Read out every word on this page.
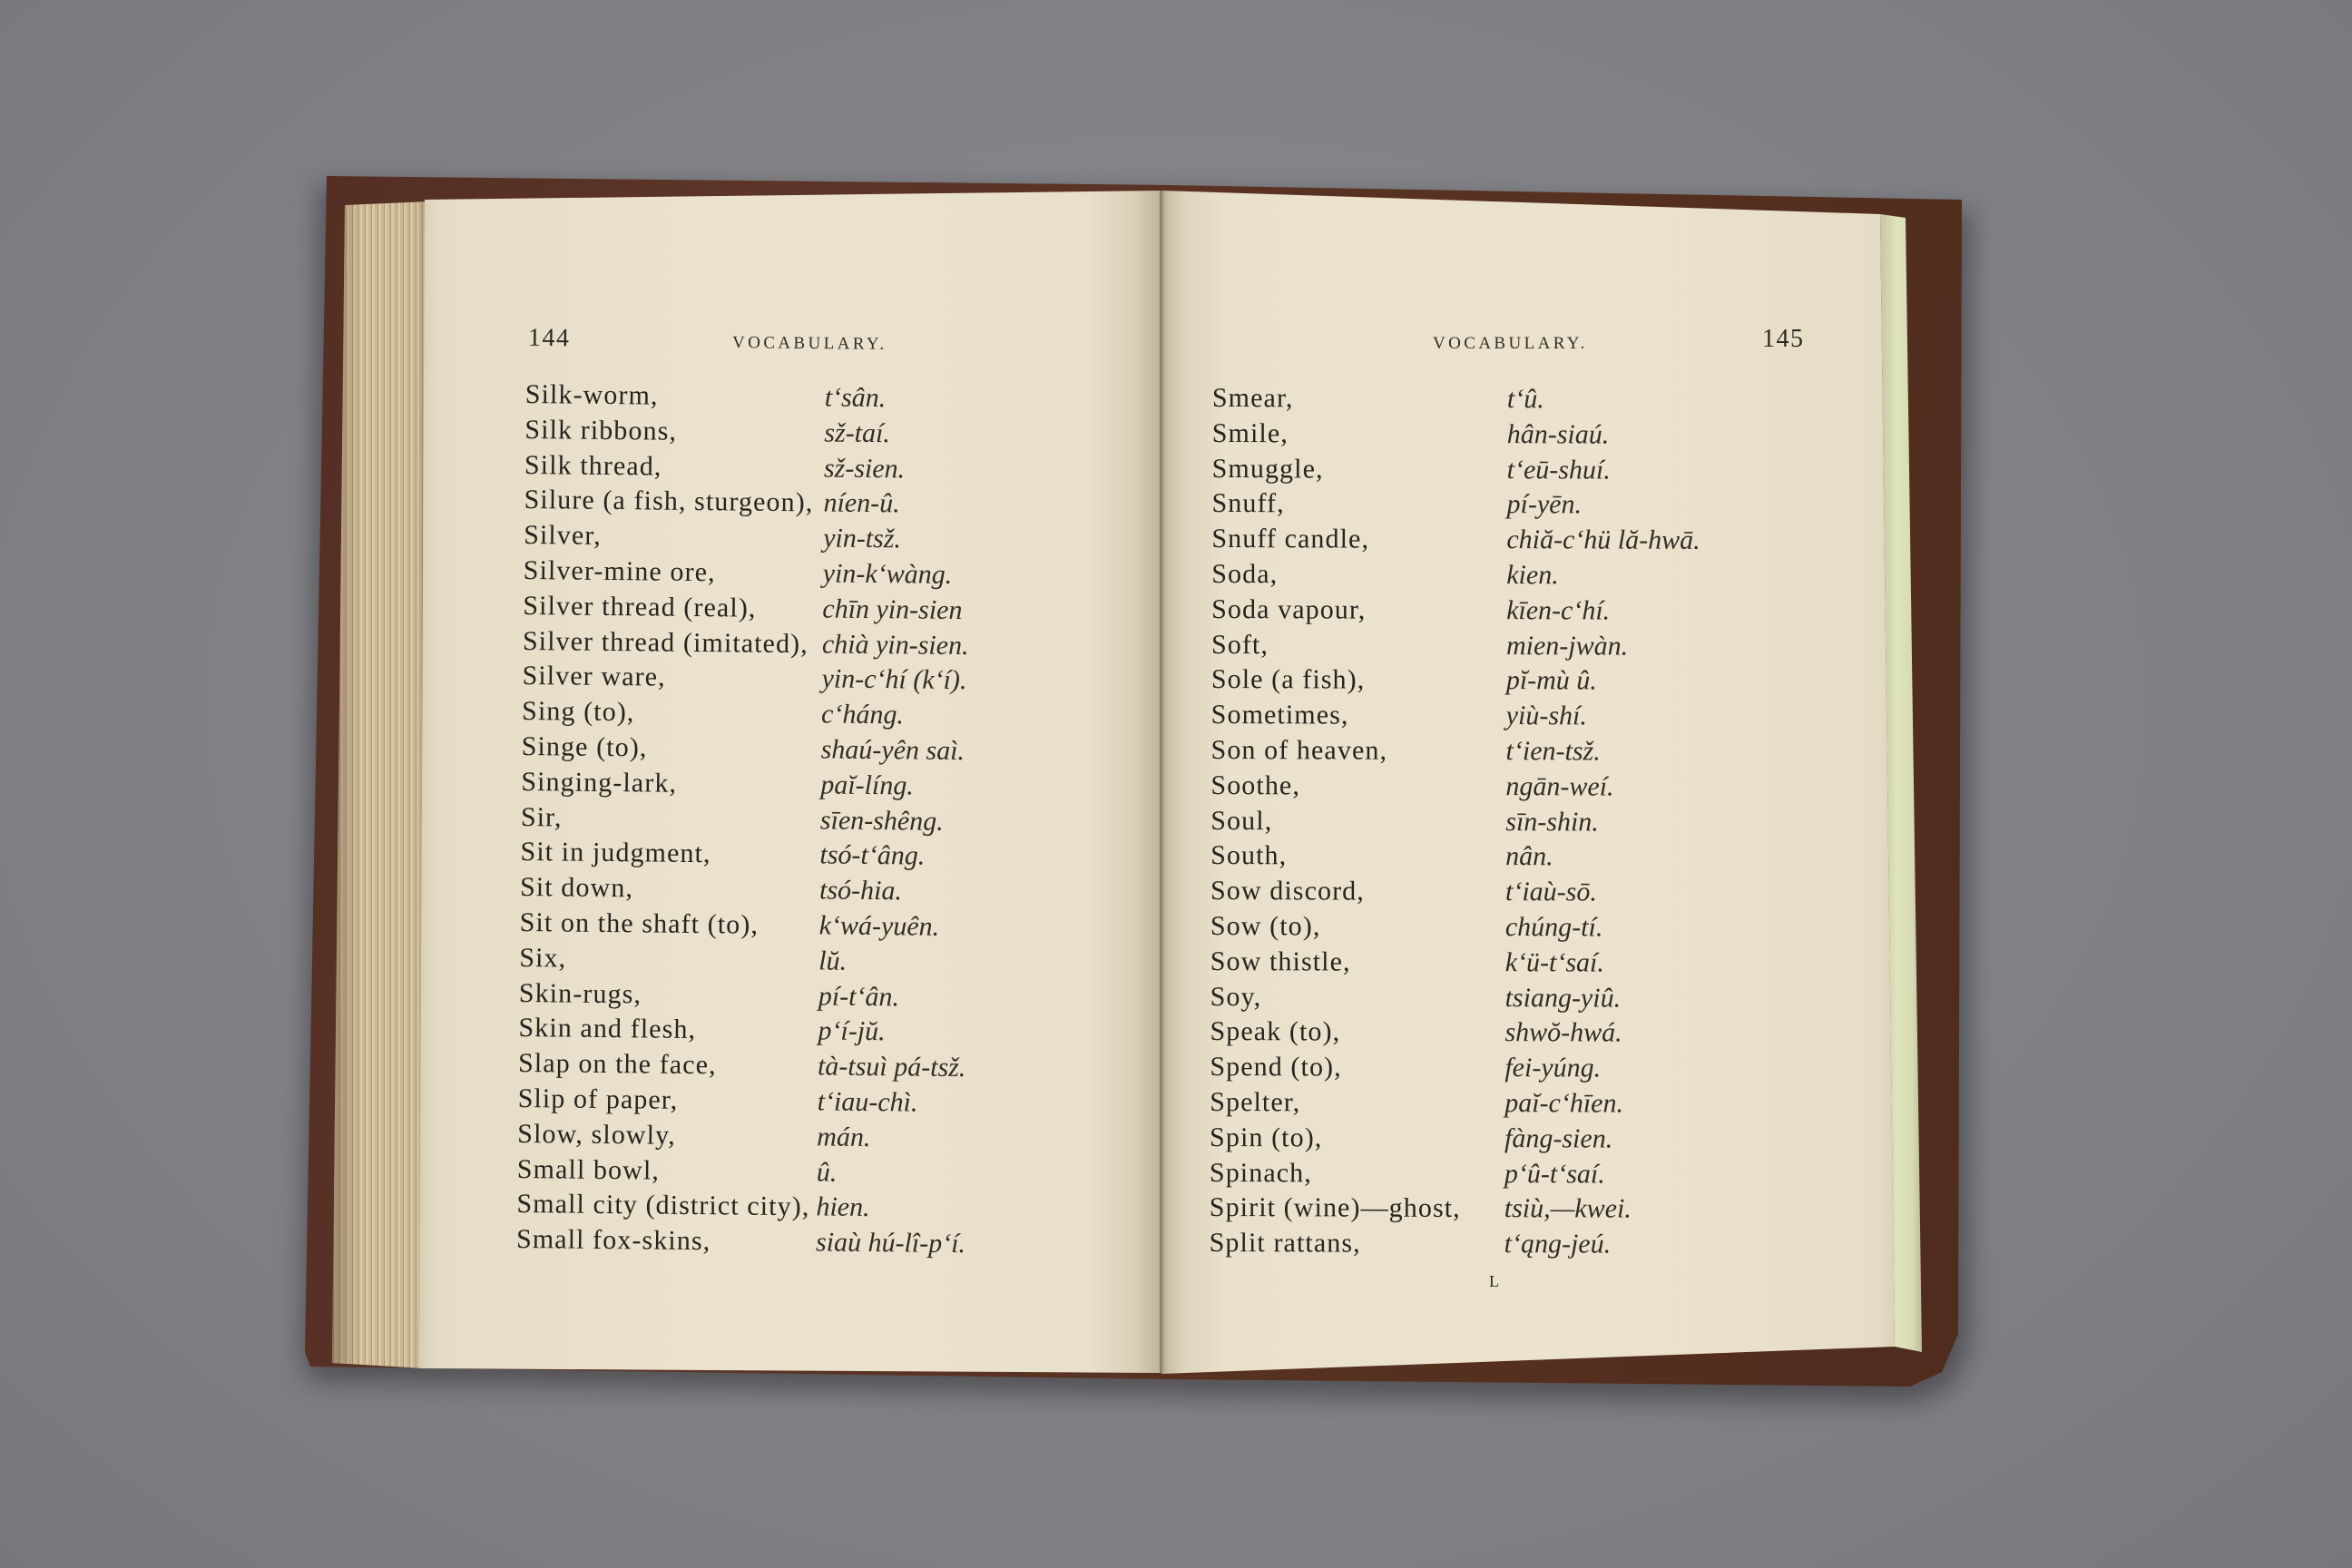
144	VOCABULARY.	VOCABULARY.	145
Silk-worm,	t‘sân.
Silk ribbons,	sž-taí.
Silk thread,	sž-sien.
Silure (a fish, sturgeon), níen-û.
Silver,	yin-tsž.
Silver-mine ore,	yin-k‘wàng.
Silver thread (real), chīn yin-sien
Silver thread (imitated), chià yin-sien.
Silver ware,	yin-c‘hí (k‘í).
Sing (to),	c‘háng.
Singe (to),	shaú-yên saì.
Singing-lark,	paĭ-líng.
Sir,	sīen-shêng.
Sit in judgment,	tsó-t‘âng.
Sit down,	tsó-hia.
Sit on the shaft (to), k‘wá-yuên.
Six,	lŭ.
Skin-rugs,	pí-t‘ân.
Skin and flesh,	p‘í-jŭ.
Slap on the face,	tà-tsuì pá-tsž.
Slip of paper,	t‘iau-chì.
Slow, slowly,	mán.
Small bowl,	û.
Small city (district city), hien.
Small fox-skins,	siaù hú-lî-p‘í.
Smear,	t‘û.
Smile,	hân-siaú.
Smuggle,	t‘eū-shuí.
Snuff,	pí-yēn.
Snuff candle,	chiă-c‘hü lă-hwā.
Soda,	kien.
Soda vapour,	kīen-c‘hí.
Soft,	mien-jwàn.
Sole (a fish),	pĭ-mù û.
Sometimes,	yiù-shí.
Son of heaven,	t‘ien-tsž.
Soothe,	ngān-weí.
Soul,	sīn-shin.
South,	nân.
Sow discord,	t‘iaù-sō.
Sow (to),	chúng-tí.
Sow thistle,	k‘ü-t‘saí.
Soy,	tsiang-yiû.
Speak (to),	shwŏ-hwá.
Spend (to),	fei-yúng.
Spelter,	paĭ-c‘hīen.
Spin (to),	fàng-sien.
Spinach,	p‘û-t‘saí.
Spirit (wine)—ghost, tsiù,—kwei.
Split rattans,	t‘ąng-jeú.
L
